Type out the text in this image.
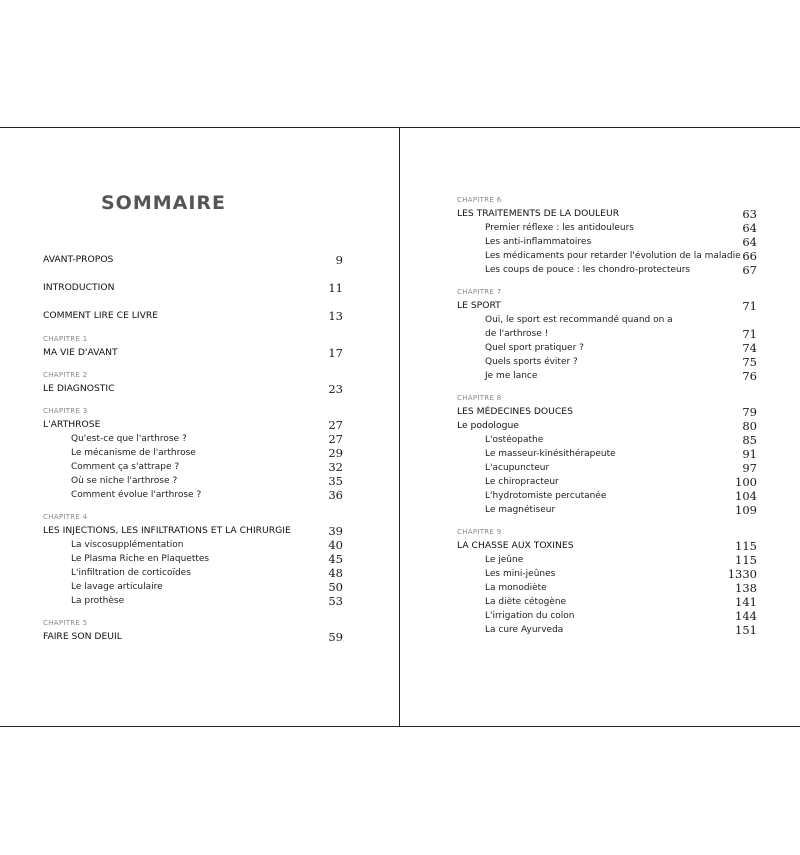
SOMMAIRE
AVANT-PROPOS	9
INTRODUCTION	11
COMMENT LIRE CE LIVRE	13
CHAPITRE 1
MA VIE D'AVANT	17
CHAPITRE 2
LE DIAGNOSTIC	23
CHAPITRE 3
L'ARTHROSE	27
Qu'est-ce que l'arthrose ?	27
Le mécanisme de l'arthrose	29
Comment ça s'attrape ?	32
Où se niche l'arthrose ?	35
Comment évolue l'arthrose ?	36
CHAPITRE 4
LES INJECTIONS, LES INFILTRATIONS ET LA CHIRURGIE	39
La viscosupplémentation	40
Le Plasma Riche en Plaquettes	45
L'infiltration de corticoïdes	48
Le lavage articulaire	50
La prothèse	53
CHAPITRE 5
FAIRE SON DEUIL	59
CHAPITRE 6
LES TRAITEMENTS DE LA DOULEUR	63
Premier réflexe : les antidouleurs	64
Les anti-inflammatoires	64
Les médicaments pour retarder l'évolution de la maladie 66
Les coups de pouce : les chondro-protecteurs	67
CHAPITRE 7
LE SPORT	71
Oui, le sport est recommandé quand on a
de l'arthrose !	71
Quel sport pratiquer ?	74
Quels sports éviter ?	75
Je me lance	76
CHAPITRE 8
LES MÉDECINES DOUCES	79
Le podologue	80
L'ostéopathe	85
Le masseur-kinésithérapeute	91
L'acupuncteur	97
Le chiropracteur	100
L'hydrotomiste percutanée	104
Le magnétiseur	109
CHAPITRE 9
LA CHASSE AUX TOXINES	115
Le jeûne	115
Les mini-jeûnes	1330
La monodiète	138
La diète cétogène	141
L'irrigation du colon	144
La cure Ayurveda	151
